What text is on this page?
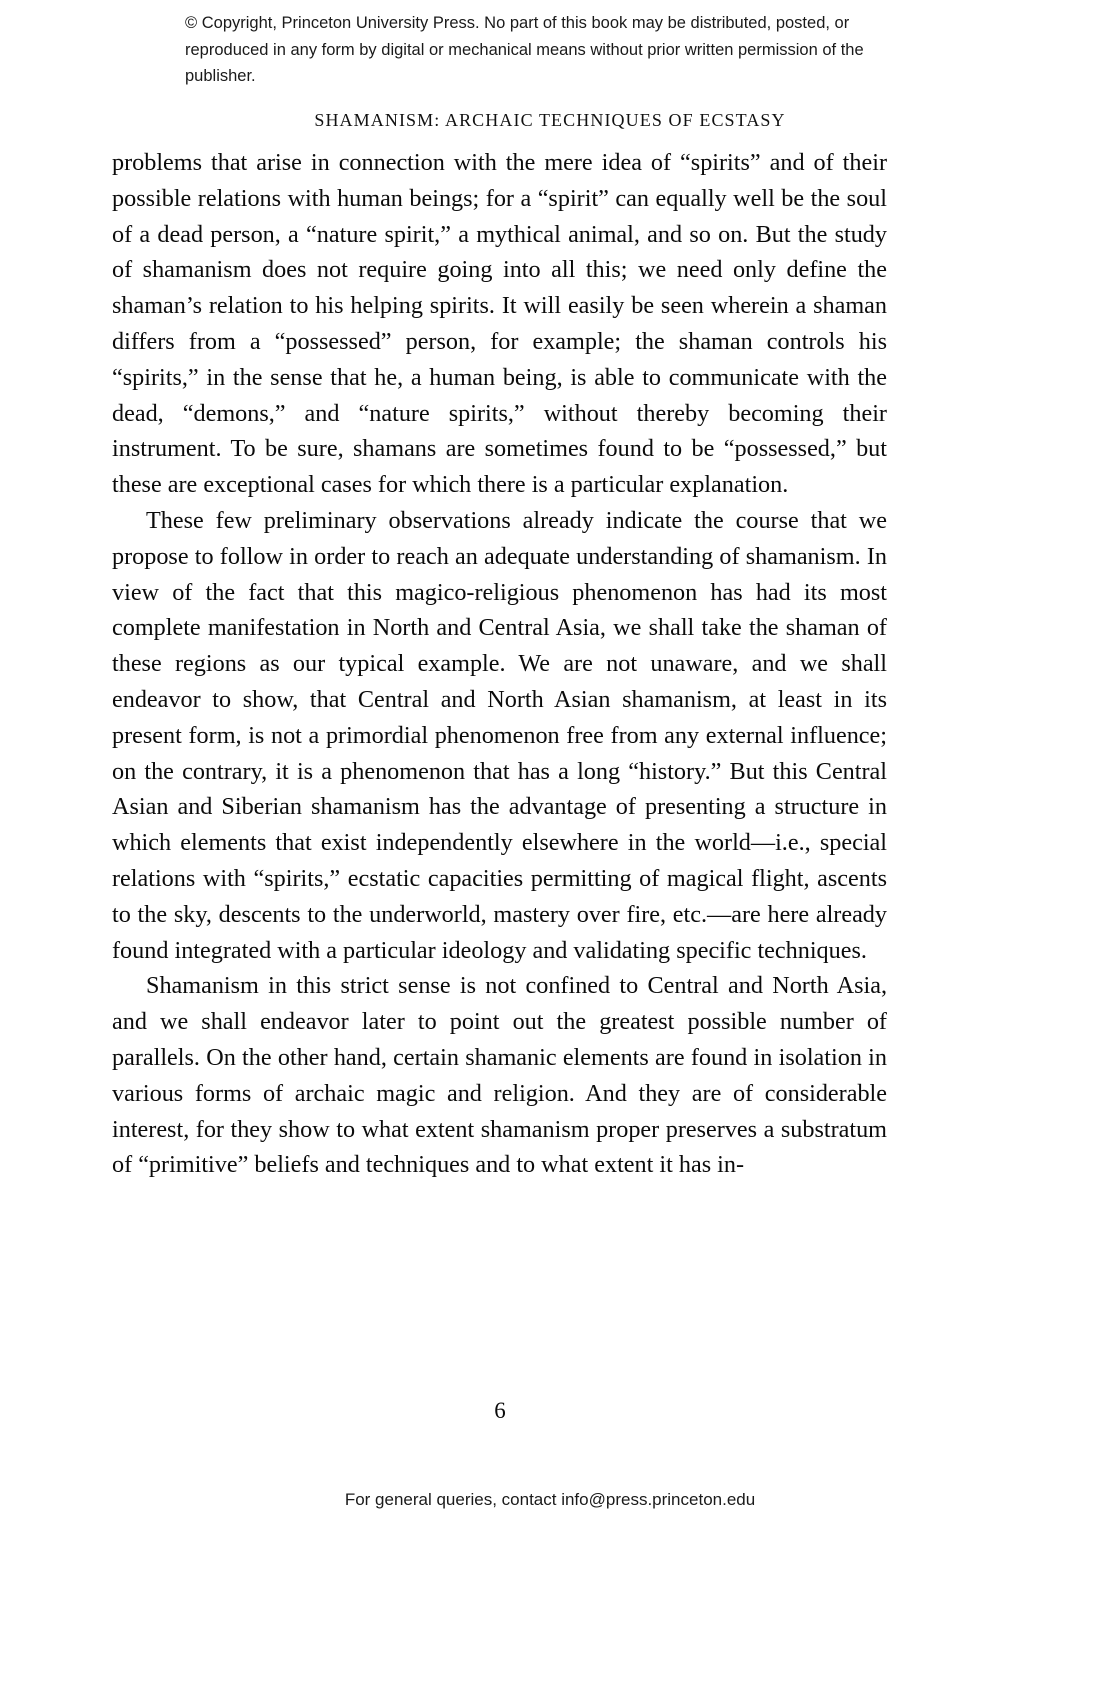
© Copyright, Princeton University Press. No part of this book may be distributed, posted, or reproduced in any form by digital or mechanical means without prior written permission of the publisher.
SHAMANISM: ARCHAIC TECHNIQUES OF ECSTASY

problems that arise in connection with the mere idea of “spirits” and of their possible relations with human beings; for a “spirit” can equally well be the soul of a dead person, a “nature spirit,” a mythical animal, and so on. But the study of shamanism does not require going into all this; we need only define the shaman’s relation to his helping spirits. It will easily be seen wherein a shaman differs from a “possessed” person, for example; the shaman controls his “spirits,” in the sense that he, a human being, is able to communicate with the dead, “demons,” and “nature spirits,” without thereby becoming their instrument. To be sure, shamans are sometimes found to be “possessed,” but these are exceptional cases for which there is a particular explanation.

These few preliminary observations already indicate the course that we propose to follow in order to reach an adequate understanding of shamanism. In view of the fact that this magico-religious phenomenon has had its most complete manifestation in North and Central Asia, we shall take the shaman of these regions as our typical example. We are not unaware, and we shall endeavor to show, that Central and North Asian shamanism, at least in its present form, is not a primordial phenomenon free from any external influence; on the contrary, it is a phenomenon that has a long “history.” But this Central Asian and Siberian shamanism has the advantage of presenting a structure in which elements that exist independently elsewhere in the world—i.e., special relations with “spirits,” ecstatic capacities permitting of magical flight, ascents to the sky, descents to the underworld, mastery over fire, etc.—are here already found integrated with a particular ideology and validating specific techniques.

Shamanism in this strict sense is not confined to Central and North Asia, and we shall endeavor later to point out the greatest possible number of parallels. On the other hand, certain shamanic elements are found in isolation in various forms of archaic magic and religion. And they are of considerable interest, for they show to what extent shamanism proper preserves a substratum of “primitive” beliefs and techniques and to what extent it has in-

6
For general queries, contact info@press.princeton.edu
